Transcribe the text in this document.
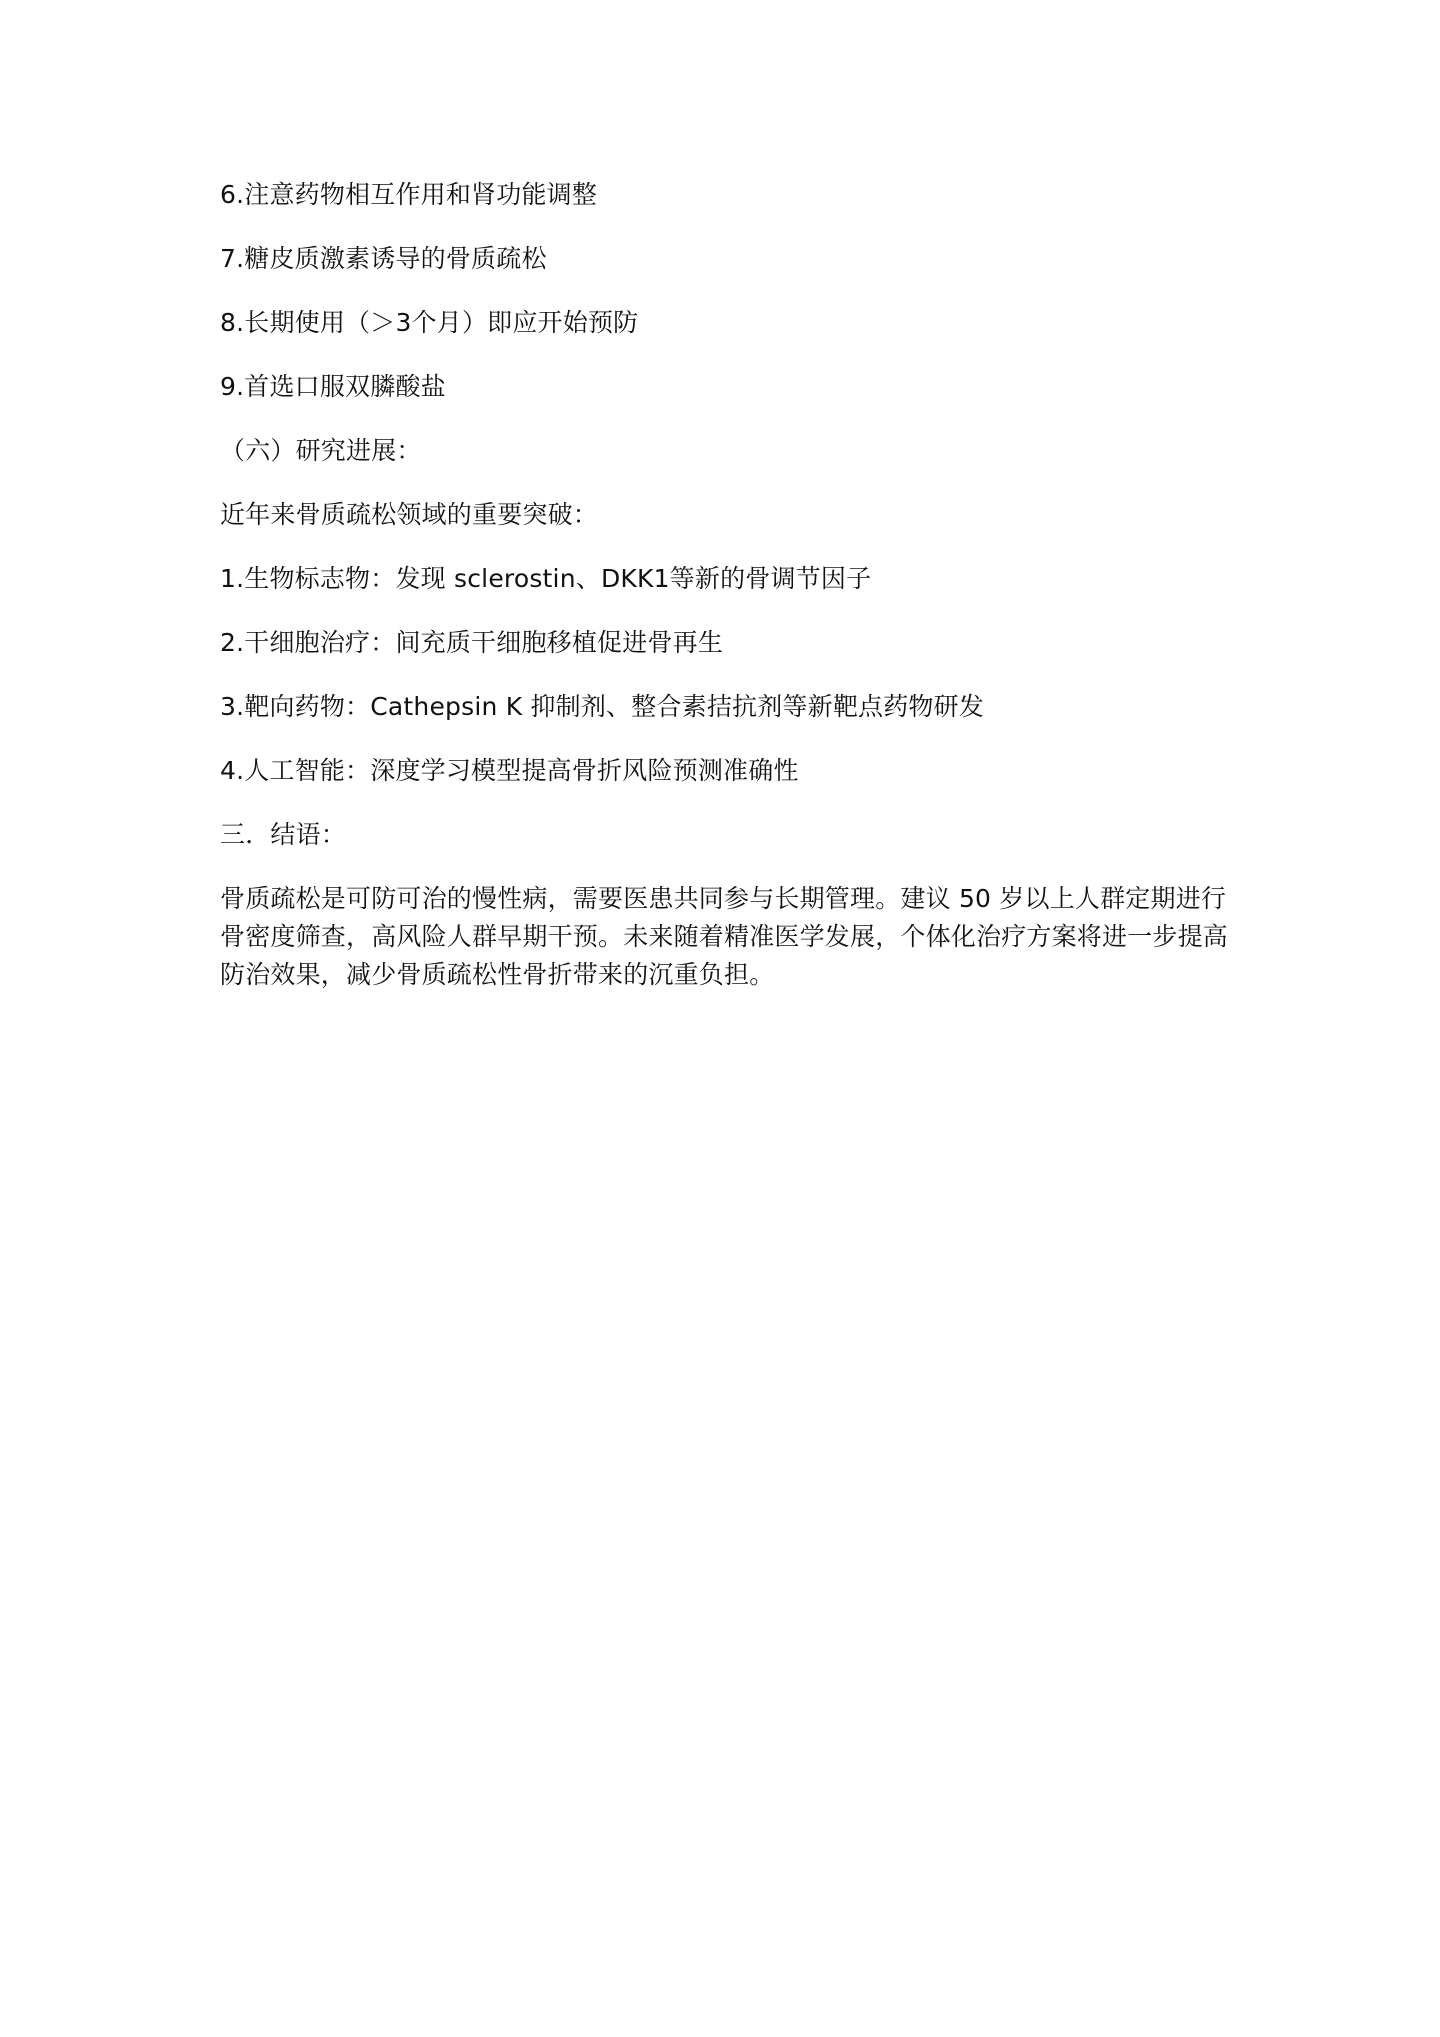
6.注意药物相互作用和肾功能调整

7.糖皮质激素诱导的骨质疏松

8.长期使用（＞3个月）即应开始预防

9.首选口服双膦酸盐

（六）研究进展：

近年来骨质疏松领域的重要突破：

1.生物标志物：发现 sclerostin、DKK1等新的骨调节因子

2.干细胞治疗：间充质干细胞移植促进骨再生

3.靶向药物：Cathepsin K 抑制剂、整合素拮抗剂等新靶点药物研发

4.人工智能：深度学习模型提高骨折风险预测准确性

三．结语：

骨质疏松是可防可治的慢性病，需要医患共同参与长期管理。建议 50 岁以上人群定期进行骨密度筛查，高风险人群早期干预。未来随着精准医学发展，个体化治疗方案将进一步提高防治效果，减少骨质疏松性骨折带来的沉重负担。
